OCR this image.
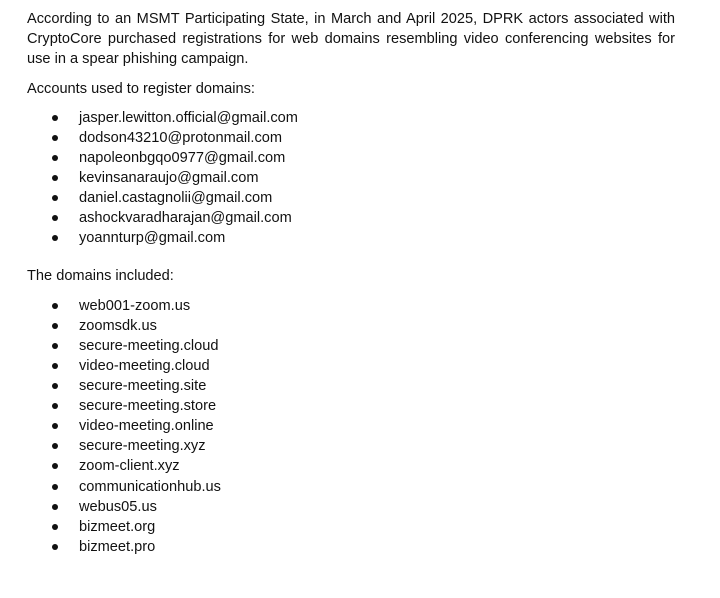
According to an MSMT Participating State, in March and April 2025, DPRK actors associated with CryptoCore purchased registrations for web domains resembling video conferencing websites for use in a spear phishing campaign.

Accounts used to register domains:

jasper.lewitton.official@gmail.com
dodson43210@protonmail.com
napoleonbgqo0977@gmail.com
kevinsanaraujo@gmail.com
daniel.castagnolii@gmail.com
ashockvaradharajan@gmail.com
yoannturp@gmail.com

The domains included:

web001-zoom.us
zoomsdk.us
secure-meeting.cloud
video-meeting.cloud
secure-meeting.site
secure-meeting.store
video-meeting.online
secure-meeting.xyz
zoom-client.xyz
communicationhub.us
webus05.us
bizmeet.org
bizmeet.pro
